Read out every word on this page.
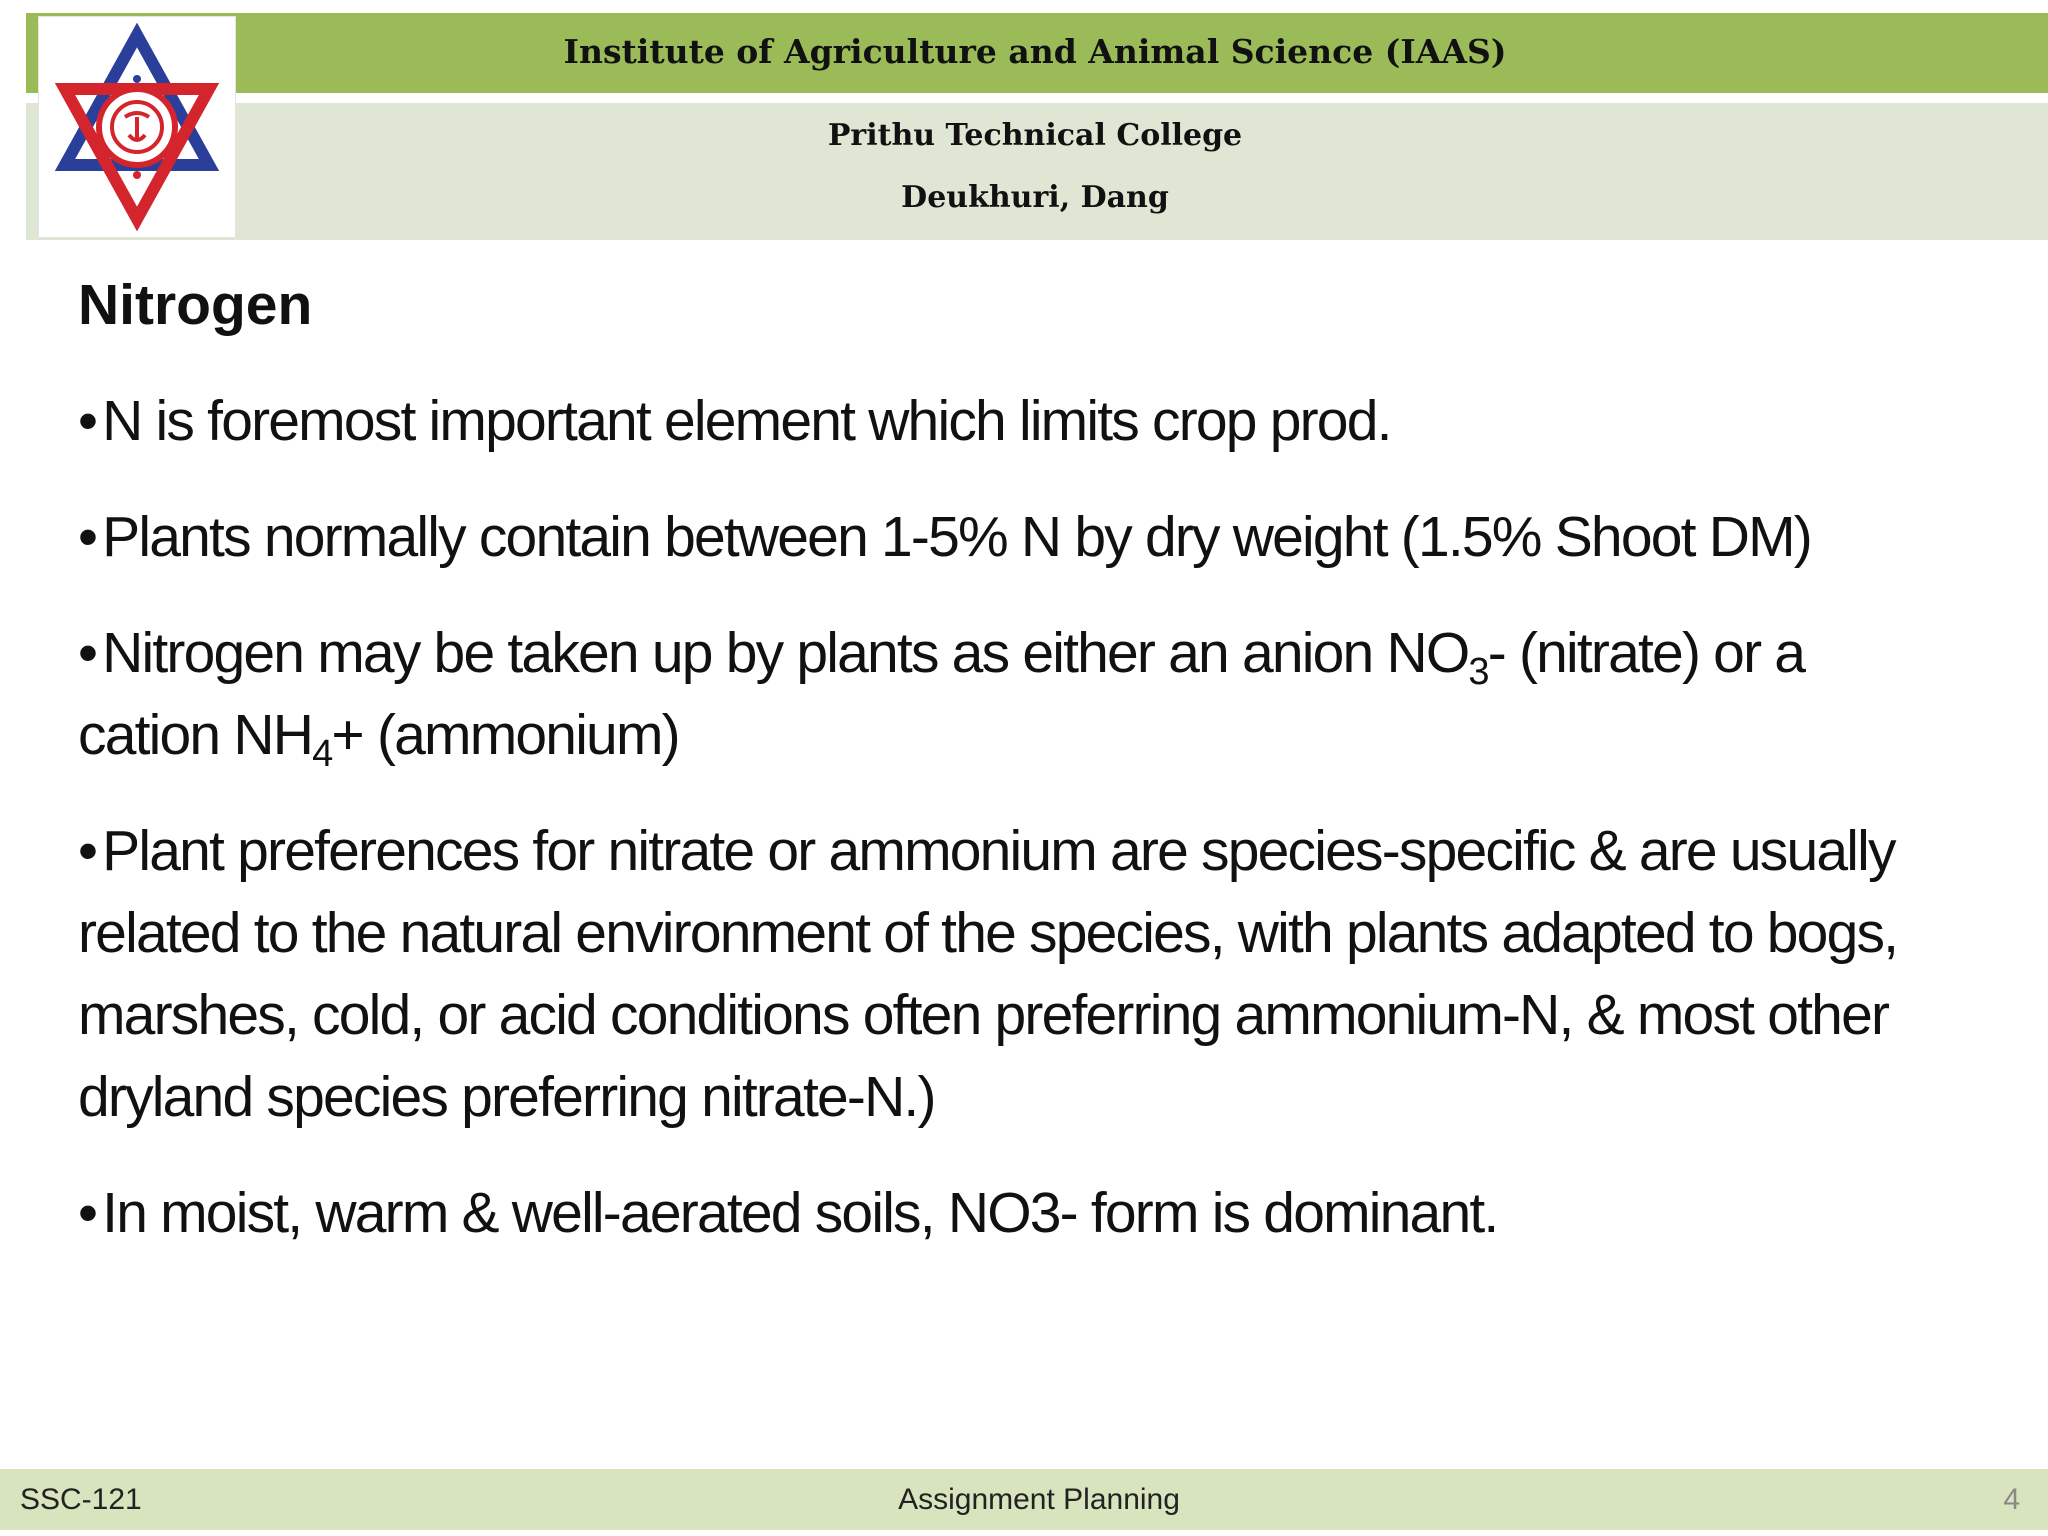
Institute of Agriculture and Animal Science (IAAS)
Prithu Technical College
Deukhuri, Dang
Nitrogen
• N is foremost important element which limits crop prod.
• Plants normally contain between 1-5% N by dry weight (1.5% Shoot DM)
• Nitrogen may be taken up by plants as either an anion $NO_3-$ (nitrate) or a cation $NH_4+$ (ammonium)
• Plant preferences for nitrate or ammonium are species-specific & are usually related to the natural environment of the species, with plants adapted to bogs, marshes, cold, or acid conditions often preferring ammonium-N, & most other dryland species preferring nitrate-N.)
• In moist, warm & well-aerated soils, NO3- form is dominant.
SSC-121	Assignment Planning	4
